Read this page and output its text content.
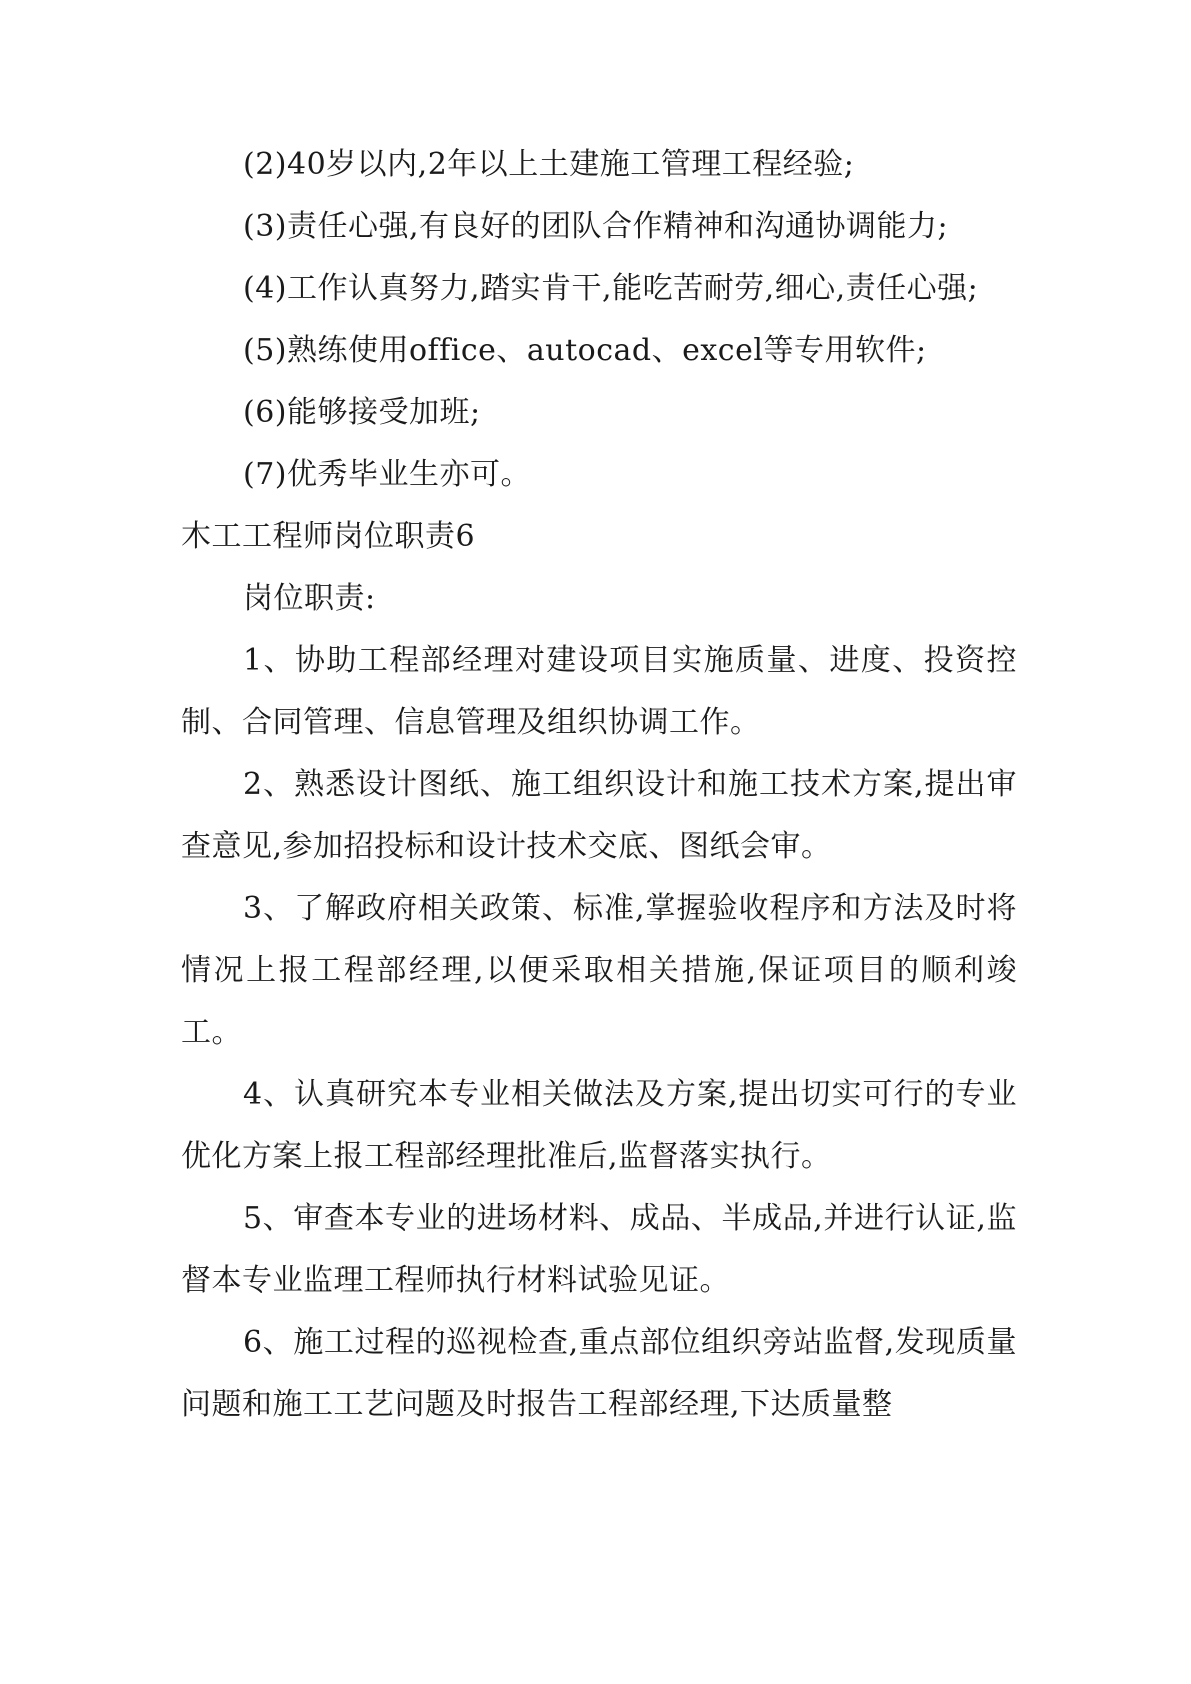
(2)40岁以内,2年以上土建施工管理工程经验;

(3)责任心强,有良好的团队合作精神和沟通协调能力;

(4)工作认真努力,踏实肯干,能吃苦耐劳,细心,责任心强;

(5)熟练使用office、autocad、excel等专用软件;

(6)能够接受加班;

(7)优秀毕业生亦可。

木工工程师岗位职责6

岗位职责:

1、协助工程部经理对建设项目实施质量、进度、投资控制、合同管理、信息管理及组织协调工作。

2、熟悉设计图纸、施工组织设计和施工技术方案,提出审查意见,参加招投标和设计技术交底、图纸会审。

3、了解政府相关政策、标准,掌握验收程序和方法及时将情况上报工程部经理,以便采取相关措施,保证项目的顺利竣工。

4、认真研究本专业相关做法及方案,提出切实可行的专业优化方案上报工程部经理批准后,监督落实执行。

5、审查本专业的进场材料、成品、半成品,并进行认证,监督本专业监理工程师执行材料试验见证。

6、施工过程的巡视检查,重点部位组织旁站监督,发现质量问题和施工工艺问题及时报告工程部经理,下达质量整
